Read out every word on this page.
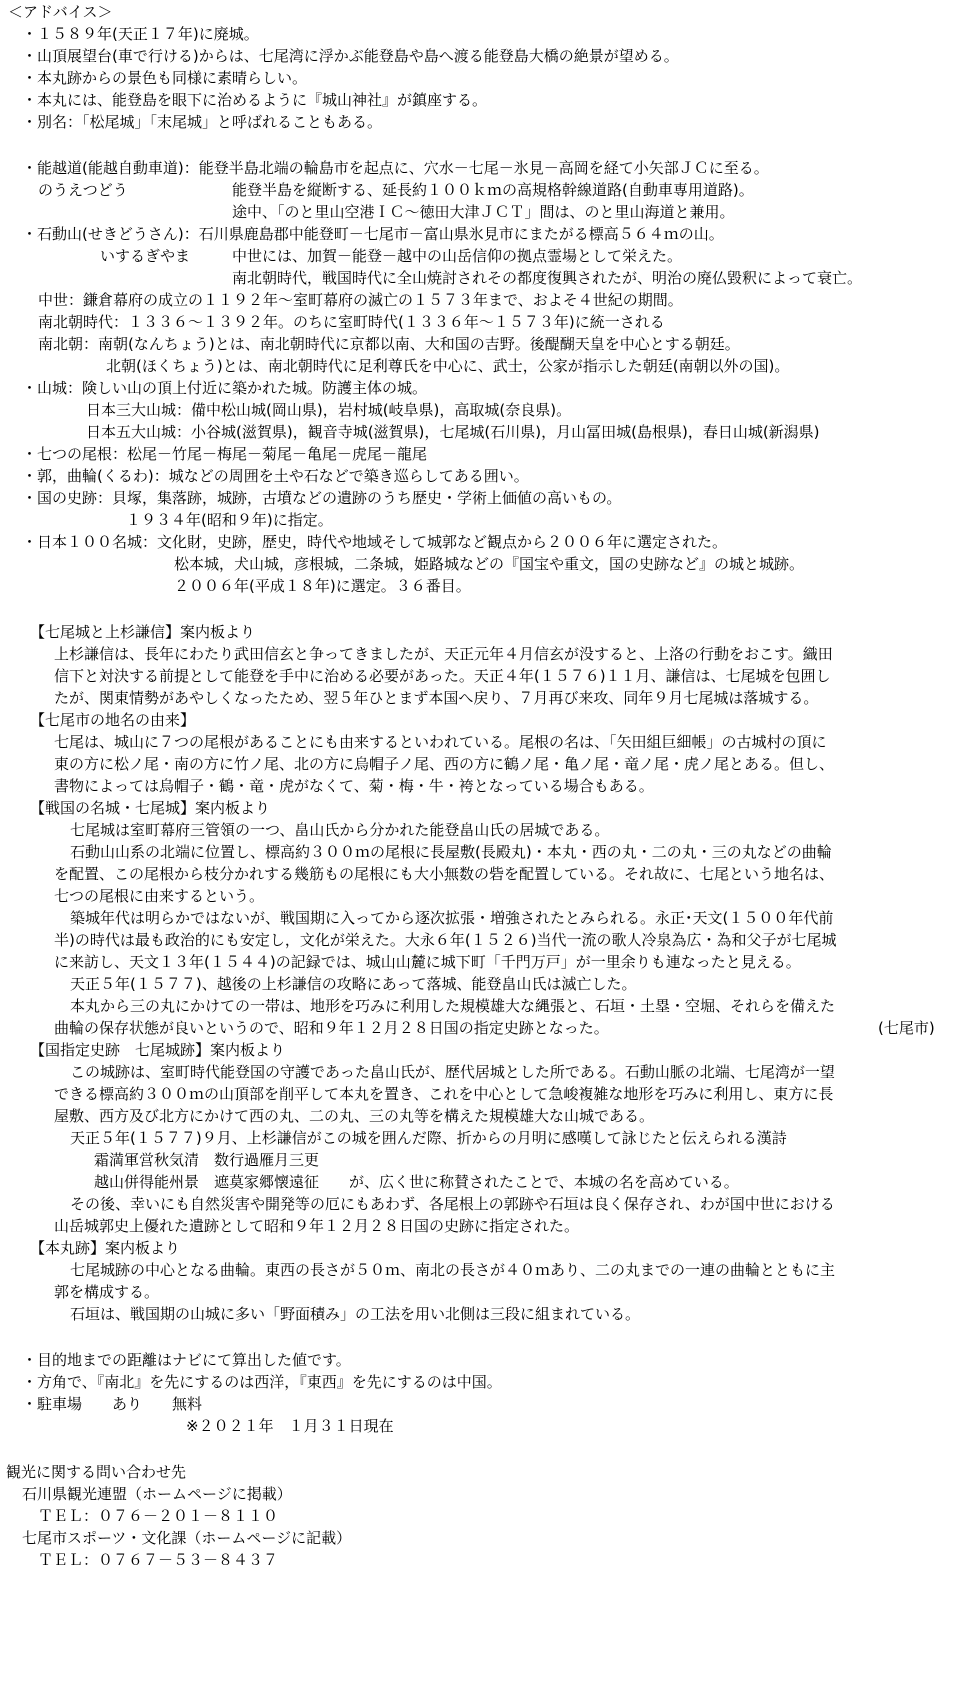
＜アドバイス＞
・１５８９年(天正１７年)に廃城。
・山頂展望台(車で行ける)からは、七尾湾に浮かぶ能登島や島へ渡る能登島大橋の絶景が望める。
・本丸跡からの景色も同様に素晴らしい。
・本丸には、能登島を眼下に治めるように『城山神社』が鎮座する。
・別名：「松尾城」「末尾城」と呼ばれることもある。
・能越道(能越自動車道)：能登半島北端の輪島市を起点に、穴水－七尾－氷見－高岡を経て小矢部ＪＣに至る。
のうえつどう	能登半島を縦断する、延長約１００ｋｍの高規格幹線道路(自動車専用道路)。
途中、「のと里山空港ＩＣ～徳田大津ＪＣＴ」間は、のと里山海道と兼用。
・石動山(せきどうさん)：石川県鹿島郡中能登町－七尾市－富山県氷見市にまたがる標高５６４ｍの山。
いするぎやま	中世には、加賀－能登－越中の山岳信仰の拠点霊場として栄えた。
南北朝時代，戦国時代に全山焼討されその都度復興されたが、明治の廃仏毀釈によって衰亡。
中世：鎌倉幕府の成立の１１９２年～室町幕府の滅亡の１５７３年まで、およそ４世紀の期間。
南北朝時代：１３３６～１３９２年。のちに室町時代(１３３６年～１５７３年)に統一される
南北朝：南朝(なんちょう)とは、南北朝時代に京都以南、大和国の吉野。後醍醐天皇を中心とする朝廷。
北朝(ほくちょう)とは、南北朝時代に足利尊氏を中心に、武士，公家が指示した朝廷(南朝以外の国)。
・山城：険しい山の頂上付近に築かれた城。防護主体の城。
日本三大山城：備中松山城(岡山県)，岩村城(岐阜県)，高取城(奈良県)。
日本五大山城：小谷城(滋賀県)，観音寺城(滋賀県)，七尾城(石川県)，月山冨田城(島根県)，春日山城(新潟県)
・七つの尾根：松尾－竹尾－梅尾－菊尾－亀尾－虎尾－龍尾
・郭，曲輪(くるわ)：城などの周囲を土や石などで築き巡らしてある囲い。
・国の史跡：貝塚，集落跡，城跡，古墳などの遺跡のうち歴史・学術上価値の高いもの。
１９３４年(昭和９年)に指定。
・日本１００名城：文化財，史跡，歴史，時代や地域そして城郭など観点から２００６年に選定された。
松本城，犬山城，彦根城，二条城，姫路城などの『国宝や重文，国の史跡など』の城と城跡。
２００６年(平成１８年)に選定。３６番目。
【七尾城と上杉謙信】案内板より
上杉謙信は、長年にわたり武田信玄と争ってきましたが、天正元年４月信玄が没すると、上洛の行動をおこす。織田
信下と対決する前提として能登を手中に治める必要があった。天正４年(１５７６)１１月、謙信は、七尾城を包囲し
たが、関東情勢があやしくなったため、翌５年ひとまず本国へ戻り、７月再び来攻、同年９月七尾城は落城する。
【七尾市の地名の由来】
七尾は、城山に７つの尾根があることにも由来するといわれている。尾根の名は、「矢田組巨細帳」の古城村の頂に
東の方に松ノ尾・南の方に竹ノ尾、北の方に烏帽子ノ尾、西の方に鶴ノ尾・亀ノ尾・竜ノ尾・虎ノ尾とある。但し、
書物によっては烏帽子・鶴・竜・虎がなくて、菊・梅・牛・袴となっている場合もある。
【戦国の名城・七尾城】案内板より
七尾城は室町幕府三管領の一つ、畠山氏から分かれた能登畠山氏の居城である。
石動山山系の北端に位置し、標高約３００ｍの尾根に長屋敷(長殿丸)・本丸・西の丸・二の丸・三の丸などの曲輪
を配置、この尾根から枝分かれする幾筋もの尾根にも大小無数の砦を配置している。それ故に、七尾という地名は、
七つの尾根に由来するという。
築城年代は明らかではないが、戦国期に入ってから逐次拡張・増強されたとみられる。永正･天文(１５００年代前
半)の時代は最も政治的にも安定し，文化が栄えた。大永６年(１５２６)当代一流の歌人冷泉為広・為和父子が七尾城
に来訪し、天文１３年(１５４４)の記録では、城山山麓に城下町「千門万戸」が一里余りも連なったと見える。
天正５年(１５７７)、越後の上杉謙信の攻略にあって落城、能登畠山氏は滅亡した。
本丸から三の丸にかけての一帯は、地形を巧みに利用した規模雄大な縄張と、石垣・土塁・空堀、それらを備えた
曲輪の保存状態が良いというので、昭和９年１２月２８日国の指定史跡となった。	(七尾市)
【国指定史跡　七尾城跡】案内板より
この城跡は、室町時代能登国の守護であった畠山氏が、歴代居城とした所である。石動山脈の北端、七尾湾が一望
できる標高約３００ｍの山頂部を削平して本丸を置き、これを中心として急峻複雑な地形を巧みに利用し、東方に長
屋敷、西方及び北方にかけて西の丸、二の丸、三の丸等を構えた規模雄大な山城である。
天正５年(１５７７)９月、上杉謙信がこの城を囲んだ際、折からの月明に感嘆して詠じたと伝えられる漢詩
霜満軍営秋気清　数行過雁月三更
越山併得能州景　遮莫家郷懐遠征　　が、広く世に称賛されたことで、本城の名を高めている。
その後、幸いにも自然災害や開発等の厄にもあわず、各尾根上の郭跡や石垣は良く保存され、わが国中世における
山岳城郭史上優れた遺跡として昭和９年１２月２８日国の史跡に指定された。
【本丸跡】案内板より
七尾城跡の中心となる曲輪。東西の長さが５０ｍ、南北の長さが４０ｍあり、二の丸までの一連の曲輪とともに主
郭を構成する。
石垣は、戦国期の山城に多い「野面積み」の工法を用い北側は三段に組まれている。
・目的地までの距離はナビにて算出した値です。
・方角で、『南北』を先にするのは西洋，『東西』を先にするのは中国。
・駐車場　　あり　　無料
※２０２１年　１月３１日現在
観光に関する問い合わせ先
石川県観光連盟（ホームページに掲載）
ＴＥＬ：０７６－２０１－８１１０
七尾市スポーツ・文化課（ホームページに記載）
ＴＥＬ：０７６７－５３－８４３７
